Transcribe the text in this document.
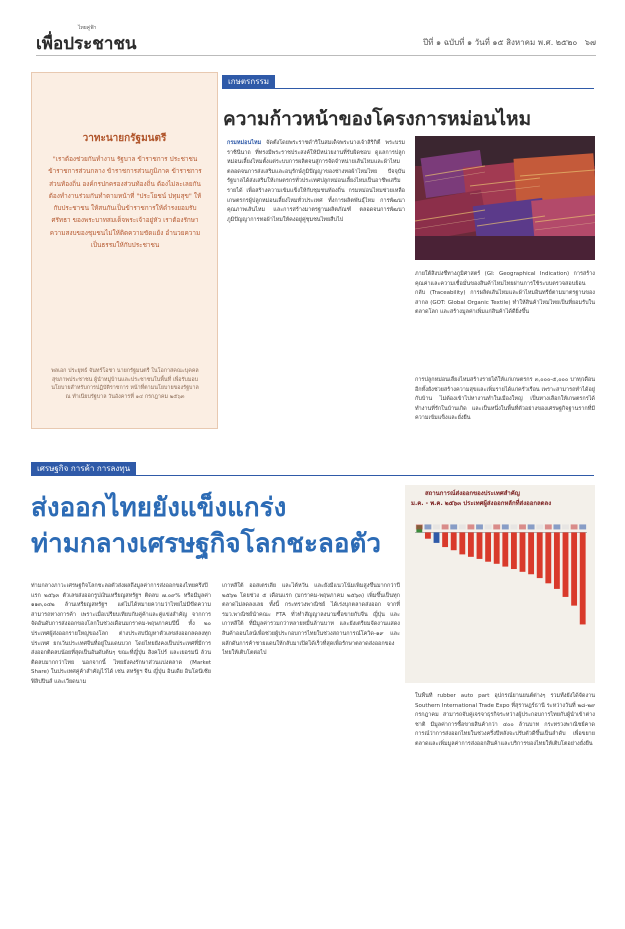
ไทยคู่ฟ้า
เพื่อประชาชน	ปีที่ ๑ ฉบับที่ ๑ วันที่ ๑๕ สิงหาคม พ.ศ. ๒๕๒๐ ๖๗
วาทะนายกรัฐมนตรี
"เราต้องช่วยกันทำงาน รัฐบาล ข้าราชการ ประชาชน ข้าราชการส่วนกลาง ข้าราชการส่วนภูมิภาค ข้าราชการส่วนท้องถิ่น องค์กรปกครองส่วนท้องถิ่น ต้องไม่ละเลยกัน ต้องทำงานร่วมกันทำตามหน้าที่ "ประโยชน์ ปทุมสุข" ให้กับประชาชน ให้สนกันเป็นข้าราชการให้ดำรงยอมรับศรัทธา ของพระบาทสมเด็จพระเจ้าอยู่หัว เราต้องรักษาความสงบของชุมชนไม่ให้ติดความขัดแย้ง อำนวยความเป็นธรรมให้กับประชาชน
พลเอก ประยุทธ์ จันทร์โอชา นายกรัฐมนตรี ในโอกาสคณะบุคคลสุขภาพประชาชน ผู้นำหมู่บ้านและประชาชนในพื้นที่ เพื่อรับมอบนโยบายสำหรับการปฏิบัติราชการ หน้าที่ตามนโยบายของรัฐบาล ณ ทำเนียบรัฐบาล วันอังคารที่ ๑๔ กรกฎาคม ๒๕๖๓
เกษตรกรรม
ความก้าวหน้าของโครงการหม่อนไหม
กรมหม่อนไหม จัดตั้งโดยพระราชดำริในสมเด็จพระนางเจ้าสิริกิติ์ พระบรมราชินีนาถ ที่ทรงมีพระราชประสงค์ให้มีหน่วยงานที่รับผิดชอบ ดูแลการปลูกหม่อนเลี้ยงไหมตั้งแต่ระบบการผลิตจนสู่การจัดจำหน่ายเส้นไหมและผ้าไหมตลอดจนการส่งเสริมและอนุรักษ์ภูมิปัญญาของช่างทอผ้าไหมไทย ปัจจุบันรัฐบาลได้ส่งเสริมให้เกษตรกรทั่วประเทศปลูกหม่อนเลี้ยงไหมเป็นอาชีพเสริมรายได้ เพื่อสร้างความเข้มแข็งให้กับชุมชนท้องถิ่น กรมหม่อนไหมช่วยเหลือเกษตรกรผู้ปลูกหม่อนเลี้ยงไหมทั่วประเทศ ทั้งการผลิตพันธุ์ไหม การพัฒนาคุณภาพเส้นไหม และการสร้างมาตรฐานผลิตภัณฑ์ ตลอดจนการพัฒนาภูมิปัญญาการทอผ้าไหมให้คงอยู่คู่ชุมชนไทยสืบไป
ภายใต้สิ่งบ่งชี้ทางภูมิศาสตร์ (GI: Geographical Indication) การสร้างคุณค่าและความเชื่อมั่นของสินค้าไหมไทยผ่านการใช้ระบบตรวจสอบย้อนกลับ (Traceability) การผลิตเส้นไหมและผ้าไหมอินทรีย์ตามมาตรฐานของสากล (GOT: Global Organic Textile) ทำให้สินค้าไหมไทยเป็นที่ยอมรับในตลาดโลก และสร้างมูลค่าเพิ่มแก่สินค้าได้ดียิ่งขึ้น
การปลูกหม่อนเลี้ยงไหมสร้างรายได้ให้แก่เกษตรกร ๓,๐๐๐-๕,๐๐๐ บาท/เดือน อีกทั้งยังช่วยสร้างความสุขและเพิ่มรายได้แก่ครัวเรือน เพราะสามารถทำได้อยู่กับบ้าน ไม่ต้องเข้าไปหางานทำในเมืองใหญ่ เป็นทางเลือกให้เกษตรกรได้ทำงานที่รักในบ้านเกิด และเป็นหนึ่งในพื้นที่ตัวอย่างของเศรษฐกิจฐานรากที่มีความเข้มแข็งและยั่งยืน
เศรษฐกิจ การค้า การลงทุน
ส่งออกไทยยังแข็งแกร่ง
ท่ามกลางเศรษฐกิจโลกชะลอตัว
ท่ามกลางภาวะเศรษฐกิจโลกชะลอตัวส่งผลถึงมูลค่าการส่งออกของไทยครึ่งปีแรก ๒๕๖๓ ตัวเลขส่งออกรูปเงินเหรียญสหรัฐฯ ติดลบ ๗.๐๙% หรือมีมูลค่า ๑๑๓,๐๔๒ ล้านเหรียญสหรัฐฯ แต่ไม่ได้หมายความว่าไทยไม่มีขีดความสามารถทางการค้า เพราะเมื่อเปรียบเทียบกับคู่ค้าและคู่แข่งสำคัญ จากการจัดอันดับการส่งออกของโลกในช่วงเดือนมกราคม-พฤษภาคมปีนี้ ทั้ง ๒๐ ประเทศผู้ส่งออกรายใหญ่ของโลก ต่างประสบปัญหาตัวเลขส่งออกลดลงทุกประเทศ ยกเว้นประเทศจีนที่อยู่ในแดนบวก โดยไทยยังคงเป็นประเทศที่มีการส่งออกติดลบน้อยที่สุดเป็นอันดับต้นๆ ขณะที่ญี่ปุ่น สิงคโปร์ และเยอรมนี ล้วนติดลบมากกว่าไทย นอกจากนี้ ไทยยังคงรักษาส่วนแบ่งตลาด (Market Share) ในประเทศคู่ค้าสำคัญไว้ได้ เช่น สหรัฐฯ จีน ญี่ปุ่น อินเดีย อินโดนีเซีย ฟิลิปปินส์ และเวียดนาม
เกาหลีใต้ ออสเตรเลีย และไต้หวัน และยังมีแนวโน้มเพิ่มสูงขึ้นมากกว่าปี ๒๕๖๒ โดยช่วง ๕ เดือนแรก (มกราคม-พฤษภาคม ๒๕๖๓) เพิ่มขึ้นเป็นทุกตลาดไม่ลดลงเลย ทั้งนี้ กระทรวงพาณิชย์ ได้เร่งบุกตลาดส่งออก จากที่ รมว.พาณิชย์นำคณะ FTA ทั่วทำสัญญาลงนามซื้อขายกับจีน ญี่ปุ่น และเกาหลีใต้ ที่มีมูลค่ารวมกว่าหลายหมื่นล้านบาท และยังเตรียมจัดงานแสดงสินค้าออนไลน์เพื่อช่วยผู้ประกอบการไทยในช่วงสถานการณ์โควิด-๑๙ และผลักดันการค้าชายแดนให้กลับมาเปิดได้เร็วที่สุดเพื่อรักษาตลาดส่งออกของไทยให้เติบโตต่อไป
ในพื้นที่ rubber auto part อุปกรณ์ยานยนต์ต่างๆ รวมทั้งยังได้จัดงาน Southern International Trade Expo ที่สุราษฎร์ธานี ระหว่างวันที่ ๒๘-๒๙ กรกฎาคม สามารถจับคู่เจรจาธุรกิจระหว่างผู้ประกอบการไทยกับผู้นำเข้าต่างชาติ มีมูลค่าการซื้อขายสินค้ากว่า ๔๐๐ ล้านบาท กระทรวงพาณิชย์คาดการณ์ว่าการส่งออกไทยในช่วงครึ่งปีหลังจะปรับตัวดีขึ้นเป็นลำดับ เพื่อขยายตลาดและเพิ่มมูลค่าการส่งออกสินค้าและบริการของไทยให้เติบโตอย่างยั่งยืน
สถานการณ์ส่งออกของประเทศสำคัญ
ม.ค. - พ.ค. ๒๕๖๓ ประเทศผู้ส่งออกหลักที่ส่งออกลดลง
